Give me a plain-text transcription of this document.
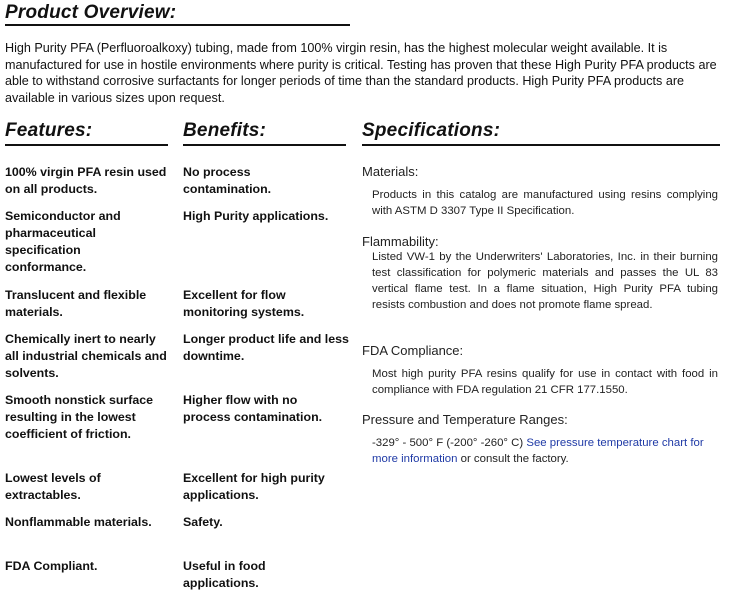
Product Overview:
High Purity PFA (Perfluoroalkoxy) tubing, made from 100% virgin resin, has the highest molecular weight available. It is manufactured for use in hostile environments where purity is critical. Testing has proven that these High Purity PFA products are able to withstand corrosive surfactants for longer periods of time than the standard products. High Purity PFA products are available in various sizes upon request.
Features:	Benefits:	Specifications:
100% virgin PFA resin used on all products.
Semiconductor and pharmaceutical specification conformance.
Translucent and flexible materials.
Chemically inert to nearly all industrial chemicals and solvents.
Smooth nonstick surface resulting in the lowest coefficient of friction.
Lowest levels of extractables.
Nonflammable materials.
FDA Compliant.
No process contamination.
High Purity applications.
Excellent for flow monitoring systems.
Longer product life and less downtime.
Higher flow with no process contamination.
Excellent for high purity applications.
Safety.
Useful in food applications.
Materials:
Products in this catalog are manufactured using resins complying with ASTM D 3307 Type II Specification.
Flammability:
Listed VW-1 by the Underwriters' Laboratories, Inc. in their burning test classification for polymeric materials and passes the UL 83 vertical flame test. In a flame situation, High Purity PFA tubing resists combustion and does not promote flame spread.
FDA Compliance:
Most high purity PFA resins qualify for use in contact with food in compliance with FDA regulation 21 CFR 177.1550.
Pressure and Temperature Ranges:
-329° - 500° F (-200° -260° C) See pressure temperature chart for more information or consult the factory.
